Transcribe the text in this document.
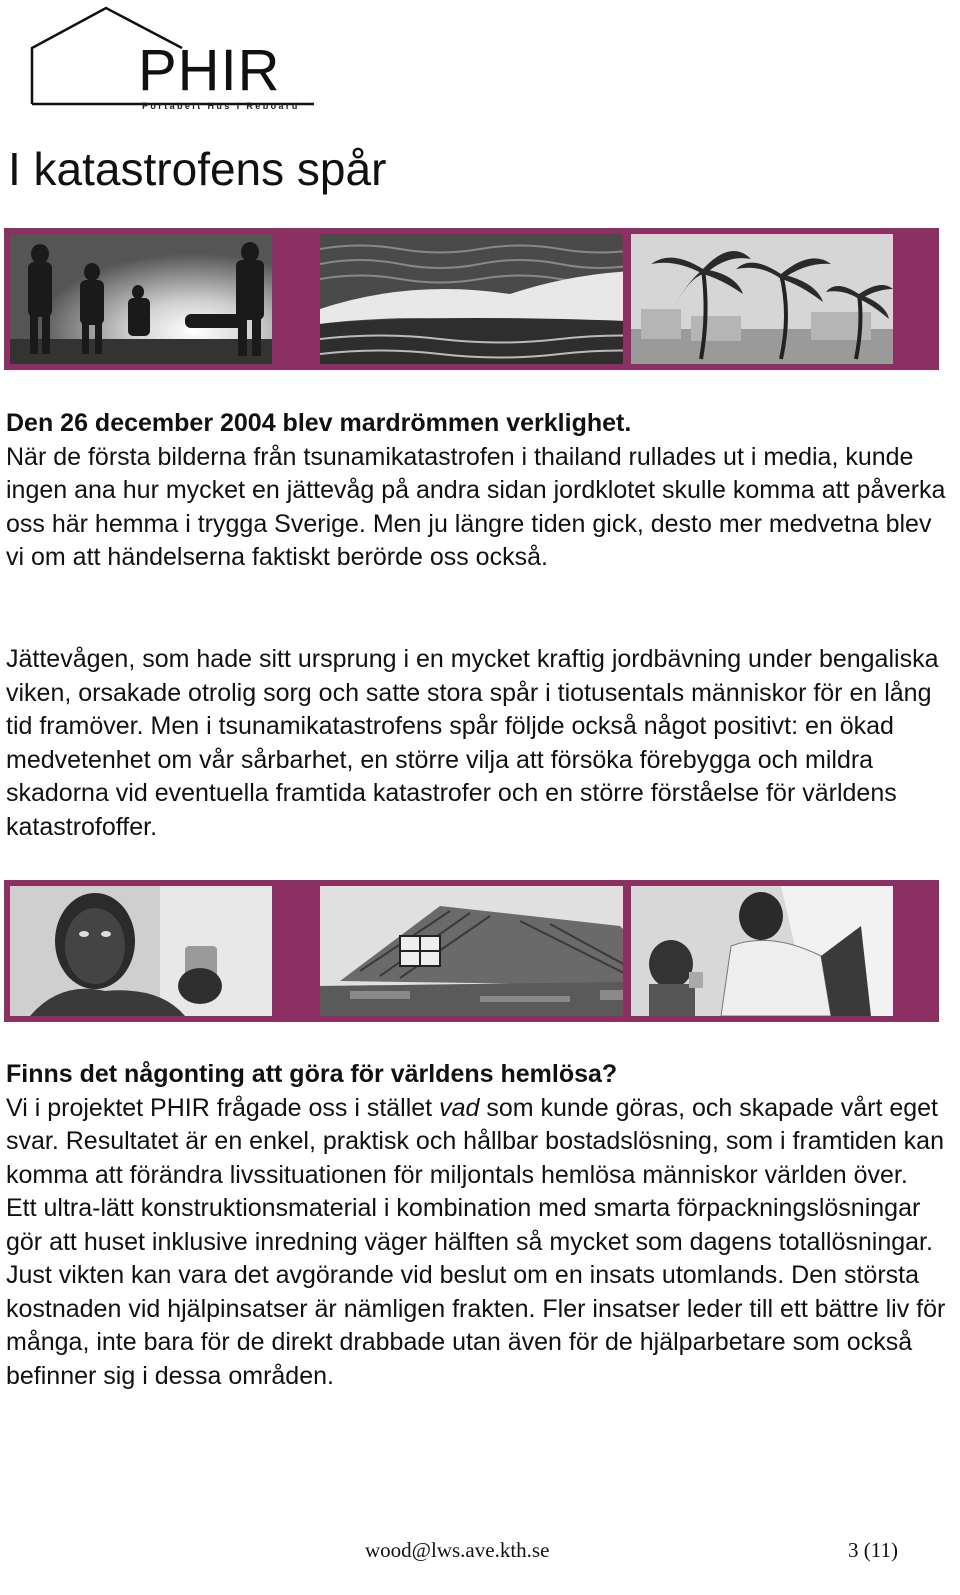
PHIR
Portabelt Hus I Reboard
I katastrofens spår

Den 26 december 2004 blev mardrömmen verklighet.

När de första bilderna från tsunamikatastrofen i thailand rullades ut i media, kunde ingen ana hur mycket en jättevåg på andra sidan jordklotet skulle komma att påverka oss här hemma i trygga Sverige. Men ju längre tiden gick, desto mer medvetna blev vi om att händelserna faktiskt berörde oss också.

Jättevågen, som hade sitt ursprung i en mycket kraftig jordbävning under bengaliska viken, orsakade otrolig sorg och satte stora spår i tiotusentals människor för en lång tid framöver. Men i tsunamikatastrofens spår följde också något positivt: en ökad medvetenhet om vår sårbarhet, en större vilja att försöka förebygga och mildra skadorna vid eventuella framtida katastrofer och en större förståelse för världens katastrofoffer.

Finns det någonting att göra för världens hemlösa?

Vi i projektet PHIR frågade oss i stället vad som kunde göras, och skapade vårt eget svar. Resultatet är en enkel, praktisk och hållbar bostadslösning, som i framtiden kan komma att förändra livssituationen för miljontals hemlösa människor världen över.

Ett ultra-lätt konstruktionsmaterial i kombination med smarta förpackningslösningar gör att huset inklusive inredning väger hälften så mycket som dagens totallösningar. Just vikten kan vara det avgörande vid beslut om en insats utomlands. Den största kostnaden vid hjälpinsatser är nämligen frakten. Fler insatser leder till ett bättre liv för många, inte bara för de direkt drabbade utan även för de hjälparbetare som också befinner sig i dessa områden.

wood@lws.ave.kth.se	3 (11)
